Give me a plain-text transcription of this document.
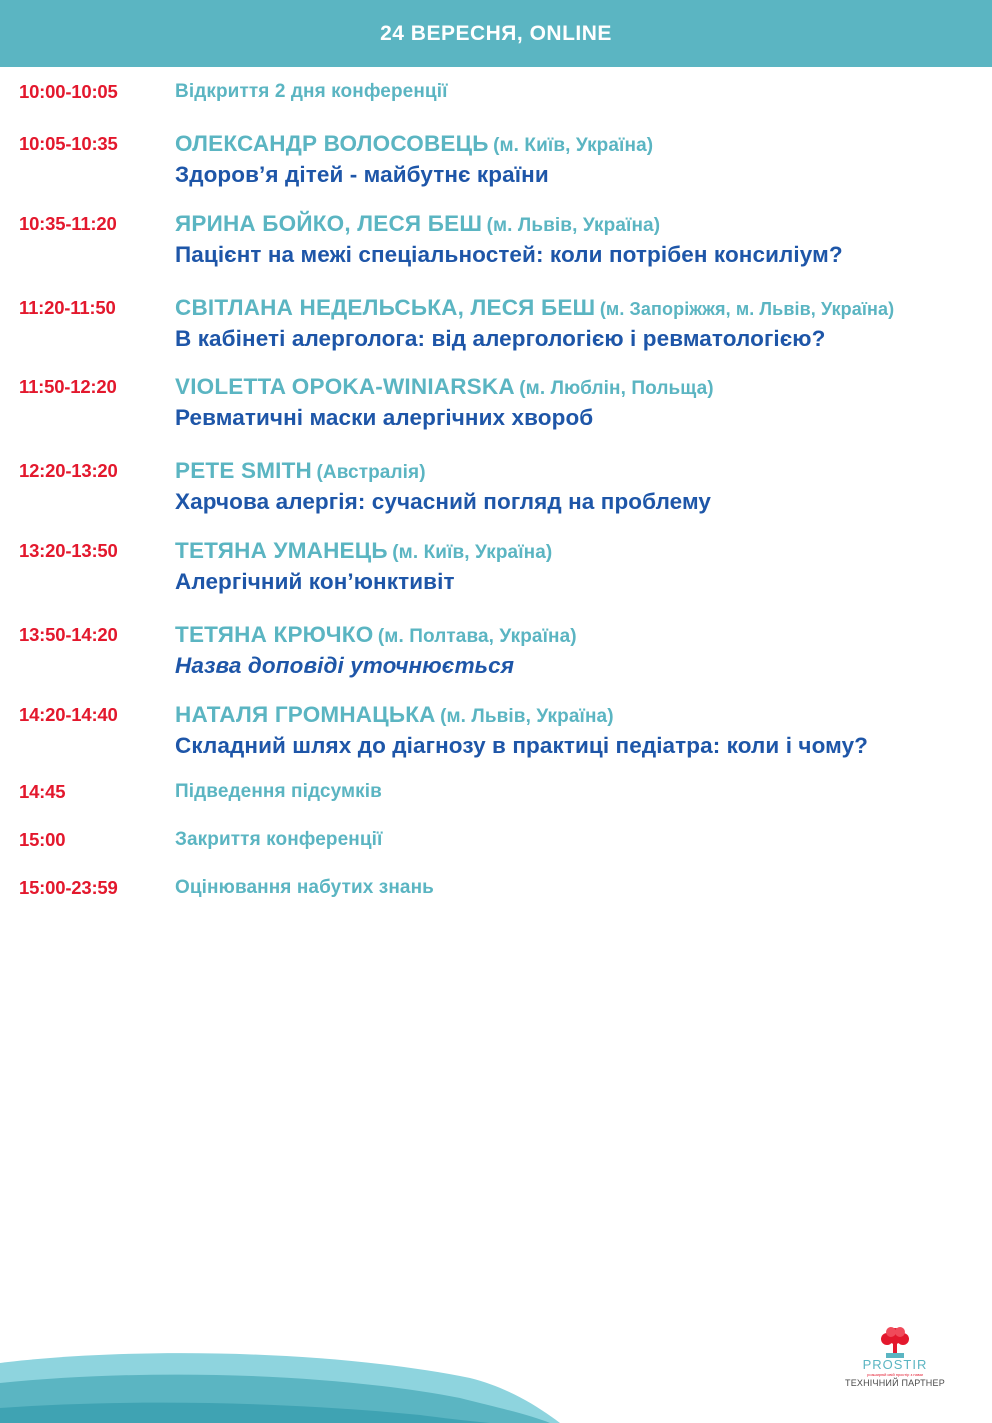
24 ВЕРЕСНЯ, ONLINE
10:00-10:05	Відкриття 2 дня конференції
10:05-10:35	ОЛЕКСАНДР ВОЛОСОВЕЦЬ (м. Київ, Україна)
Здоров’я дітей - майбутнє країни
10:35-11:20	ЯРИНА БОЙКО, ЛЕСЯ БЕШ (м. Львів, Україна)
Пацієнт на межі спеціальностей: коли потрібен консиліум?
11:20-11:50	СВІТЛАНА НЕДЕЛЬСЬКА, ЛЕСЯ БЕШ (м. Запоріжжя, м. Львів, Україна)
В кабінеті алерголога: від алергологією і ревматологією?
11:50-12:20	VIOLETTA OPOKA-WINIARSKA (м. Люблін, Польща)
Ревматичні маски алергічних хвороб
12:20-13:20	PETE SMITH (Австралія)
Харчова алергія: сучасний погляд на проблему
13:20-13:50	ТЕТЯНА УМАНЕЦЬ (м. Київ, Україна)
Алергічний кон’юнктивіт
13:50-14:20	ТЕТЯНА КРЮЧКО (м. Полтава, Україна)
Назва доповіді уточнюється
14:20-14:40	НАТАЛЯ ГРОМНАЦЬКА (м. Львів, Україна)
Складний шлях до діагнозу в практиці педіатра: коли і чому?
14:45	Підведення підсумків
15:00	Закриття конференції
15:00-23:59	Оцінювання набутих знань
PROSTIR
розширюй свій простір з нами
ТЕХНІЧНИЙ ПАРТНЕР
